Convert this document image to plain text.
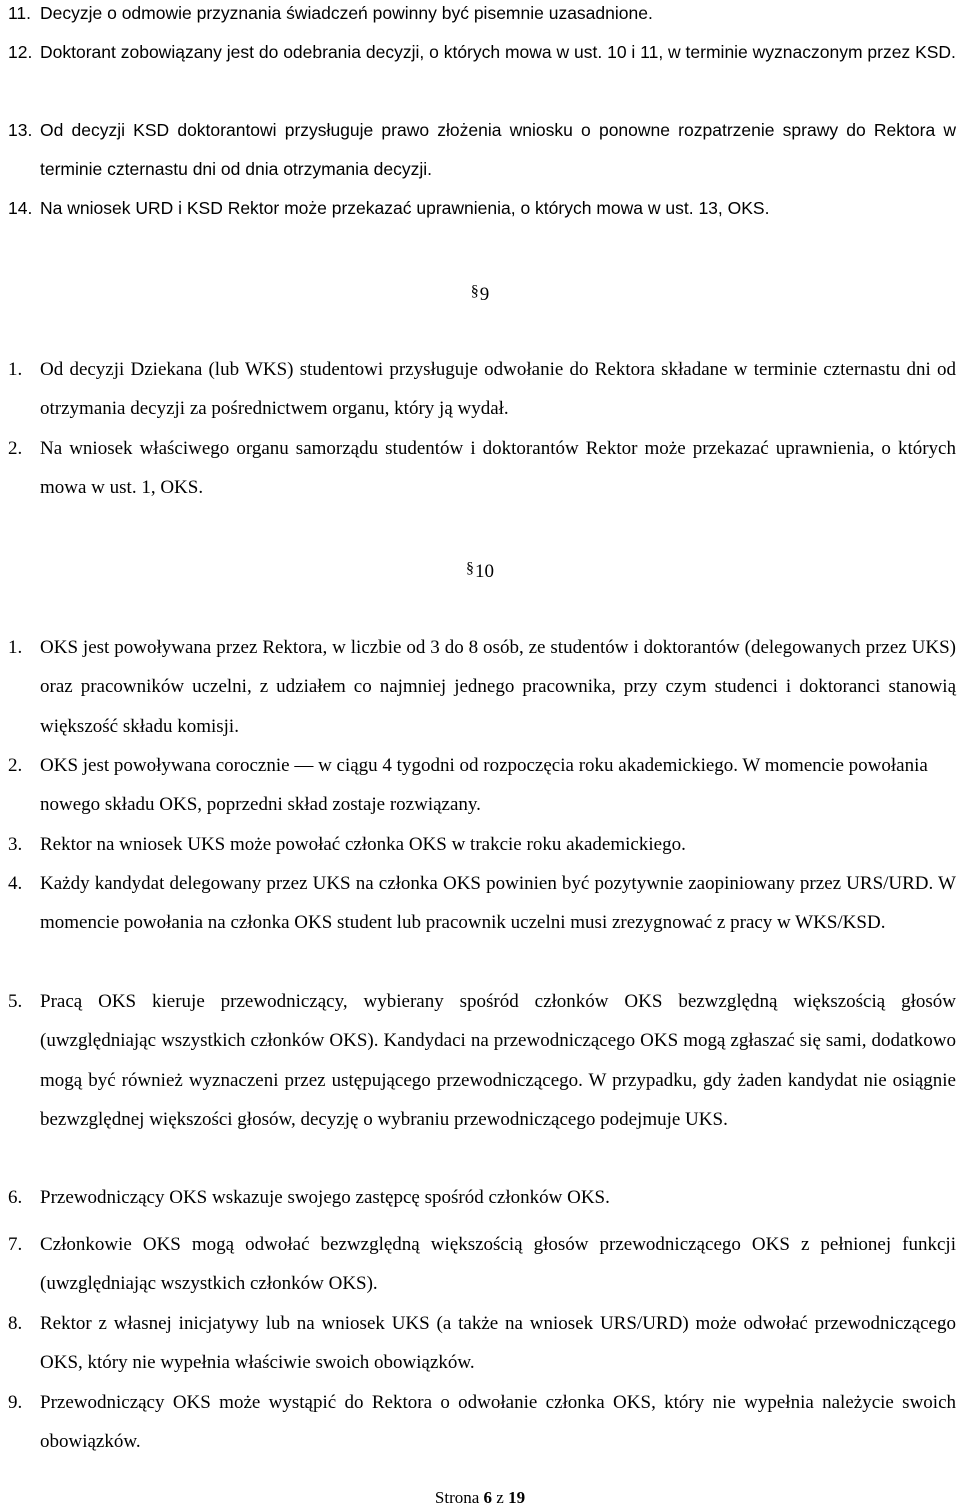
11. Decyzje o odmowie przyznania świadczeń powinny być pisemnie uzasadnione.
12. Doktorant zobowiązany jest do odebrania decyzji, o których mowa w ust. 10 i 11, w terminie wyznaczonym przez KSD.
13. Od decyzji KSD doktorantowi przysługuje prawo złożenia wniosku o ponowne rozpatrzenie sprawy do Rektora w terminie czternastu dni od dnia otrzymania decyzji.
14. Na wniosek URD i KSD Rektor może przekazać uprawnienia, o których mowa w ust. 13, OKS.
§9
1. Od decyzji Dziekana (lub WKS) studentowi przysługuje odwołanie do Rektora składane w terminie czternastu dni od otrzymania decyzji za pośrednictwem organu, który ją wydał.
2. Na wniosek właściwego organu samorządu studentów i doktorantów Rektor może przekazać uprawnienia, o których mowa w ust. 1, OKS.
§10
1. OKS jest powoływana przez Rektora, w liczbie od 3 do 8 osób, ze studentów i doktorantów (delegowanych przez UKS) oraz pracowników uczelni, z udziałem co najmniej jednego pracownika, przy czym studenci i doktoranci stanowią większość składu komisji.
2. OKS jest powoływana corocznie — w ciągu 4 tygodni od rozpoczęcia roku akademickiego. W momencie powołania nowego składu OKS, poprzedni skład zostaje rozwiązany.
3. Rektor na wniosek UKS może powołać członka OKS w trakcie roku akademickiego.
4. Każdy kandydat delegowany przez UKS na członka OKS powinien być pozytywnie zaopiniowany przez URS/URD. W momencie powołania na członka OKS student lub pracownik uczelni musi zrezygnować z pracy w WKS/KSD.
5. Pracą OKS kieruje przewodniczący, wybierany spośród członków OKS bezwzględną większością głosów (uwzględniając wszystkich członków OKS). Kandydaci na przewodniczącego OKS mogą zgłaszać się sami, dodatkowo mogą być również wyznaczeni przez ustępującego przewodniczącego. W przypadku, gdy żaden kandydat nie osiągnie bezwzględnej większości głosów, decyzję o wybraniu przewodniczącego podejmuje UKS.
6. Przewodniczący OKS wskazuje swojego zastępcę spośród członków OKS.
7. Członkowie OKS mogą odwołać bezwzględną większością głosów przewodniczącego OKS z pełnionej funkcji (uwzględniając wszystkich członków OKS).
8. Rektor z własnej inicjatywy lub na wniosek UKS (a także na wniosek URS/URD) może odwołać przewodniczącego OKS, który nie wypełnia właściwie swoich obowiązków.
9. Przewodniczący OKS może wystąpić do Rektora o odwołanie członka OKS, który nie wypełnia należycie swoich obowiązków.
Strona 6 z 19
